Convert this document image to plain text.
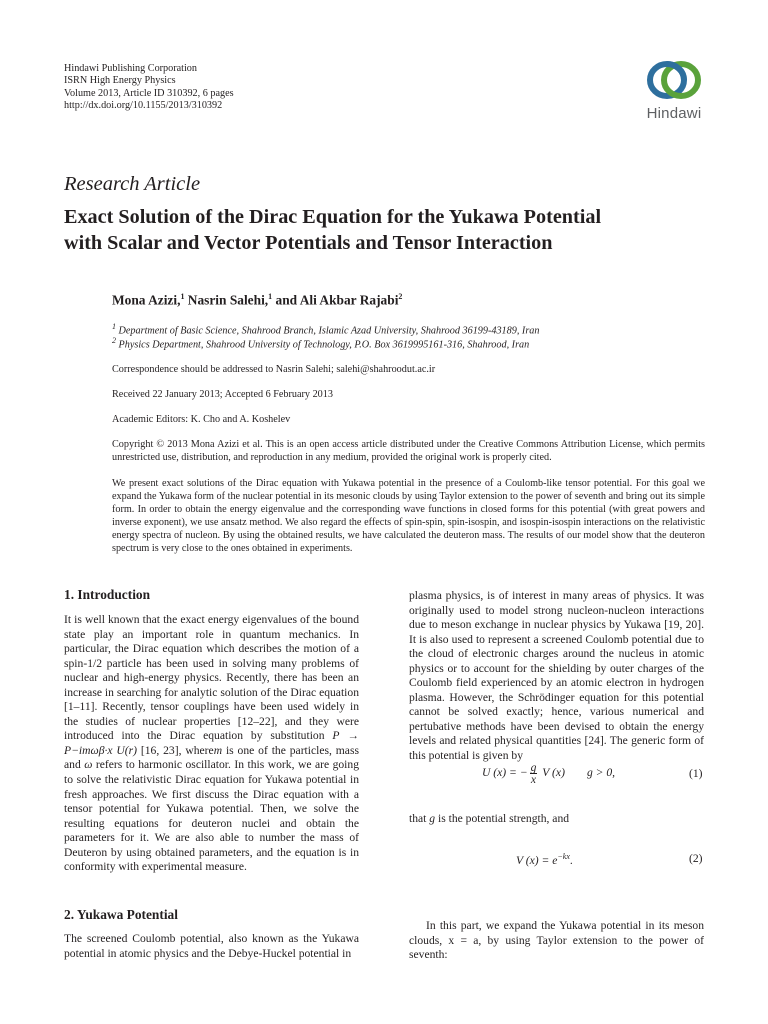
Hindawi Publishing Corporation
ISRN High Energy Physics
Volume 2013, Article ID 310392, 6 pages
http://dx.doi.org/10.1155/2013/310392	Hindawi
Research Article
Exact Solution of the Dirac Equation for the Yukawa Potential
with Scalar and Vector Potentials and Tensor Interaction
Mona Azizi,$^1$ Nasrin Salehi,$^1$ and Ali Akbar Rajabi$^2$
$^1$ Department of Basic Science, Shahrood Branch, Islamic Azad University, Shahrood 36199-43189, Iran
$^2$ Physics Department, Shahrood University of Technology, P.O. Box 3619995161-316, Shahrood, Iran
Correspondence should be addressed to Nasrin Salehi; salehi@shahroodut.ac.ir
Received 22 January 2013; Accepted 6 February 2013
Academic Editors: K. Cho and A. Koshelev
Copyright © 2013 Mona Azizi et al. This is an open access article distributed under the Creative Commons Attribution License, which permits unrestricted use, distribution, and reproduction in any medium, provided the original work is properly cited.
We present exact solutions of the Dirac equation with Yukawa potential in the presence of a Coulomb-like tensor potential. For this goal we expand the Yukawa form of the nuclear potential in its mesonic clouds by using Taylor extension to the power of seventh and bring out its simple form. In order to obtain the energy eigenvalue and the corresponding wave functions in closed forms for this potential (with great powers and inverse exponent), we use ansatz method. We also regard the effects of spin-spin, spin-isospin, and isospin-isospin interactions on the relativistic energy spectra of nucleon. By using the obtained results, we have calculated the deuteron mass. The results of our model show that the deuteron spectrum is very close to the ones obtained in experiments.
1. Introduction

It is well known that the exact energy eigenvalues of the bound state play an important role in quantum mechanics. In particular, the Dirac equation which describes the motion of a spin-1/2 particle has been used in solving many problems of nuclear and high-energy physics. Recently, there has been an increase in searching for analytic solution of the Dirac equation [1–11]. Recently, tensor couplings have been used widely in the studies of nuclear properties [12–22], and they were introduced into the Dirac equation by substitution P → P−imωβ·x U(r) [16, 23], wherem is one of the particles, mass and ω refers to harmonic oscillator. In this work, we are going to solve the relativistic Dirac equation for Yukawa potential in fresh approaches. We first discuss the Dirac equation with a tensor potential for Yukawa potential. Then, we solve the resulting equations for deuteron nuclei and obtain the parameters for it. We are also able to number the mass of Deuteron by using obtained parameters, and the equation is in conformity with experimental measure.

2. Yukawa Potential

The screened Coulomb potential, also known as the Yukawa potential in atomic physics and the Debye-Huckel potential in

plasma physics, is of interest in many areas of physics. It was originally used to model strong nucleon-nucleon interactions due to meson exchange in nuclear physics by Yukawa [19, 20]. It is also used to represent a screened Coulomb potential due to the cloud of electronic charges around the nucleus in atomic physics or to account for the shielding by outer charges of the Coulomb field experienced by an atomic electron in hydrogen plasma. However, the Schrödinger equation for this potential cannot be solved exactly; hence, various numerical and pertubative methods have been devised to obtain the energy levels and related physical quantities [24]. The generic form of this potential is given by

U (x) = − $\frac{g}{x}$ V (x) g > 0,	(1)

that g is the potential strength, and

V $(x) = e^{-kx}$.	(2)

In this part, we expand the Yukawa potential in its meson clouds, x = a, by using Taylor extension to the power of seventh:
